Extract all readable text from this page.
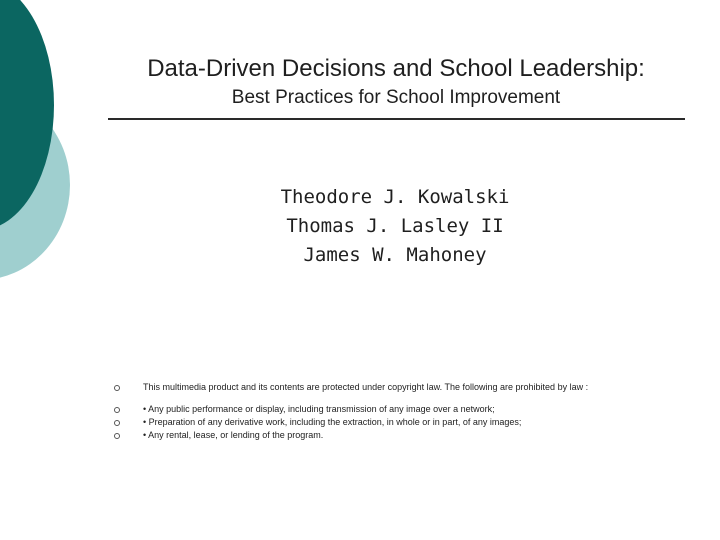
Data-Driven Decisions and School Leadership:
Best Practices for School Improvement
Theodore J. Kowalski
Thomas J. Lasley II
James W. Mahoney
This multimedia product and its contents are protected under copyright law. The following are prohibited by law :
• Any public performance or display, including transmission of any image over a network;
• Preparation of any derivative work, including the extraction, in whole or in part, of any images;
• Any rental, lease, or lending of the program.
